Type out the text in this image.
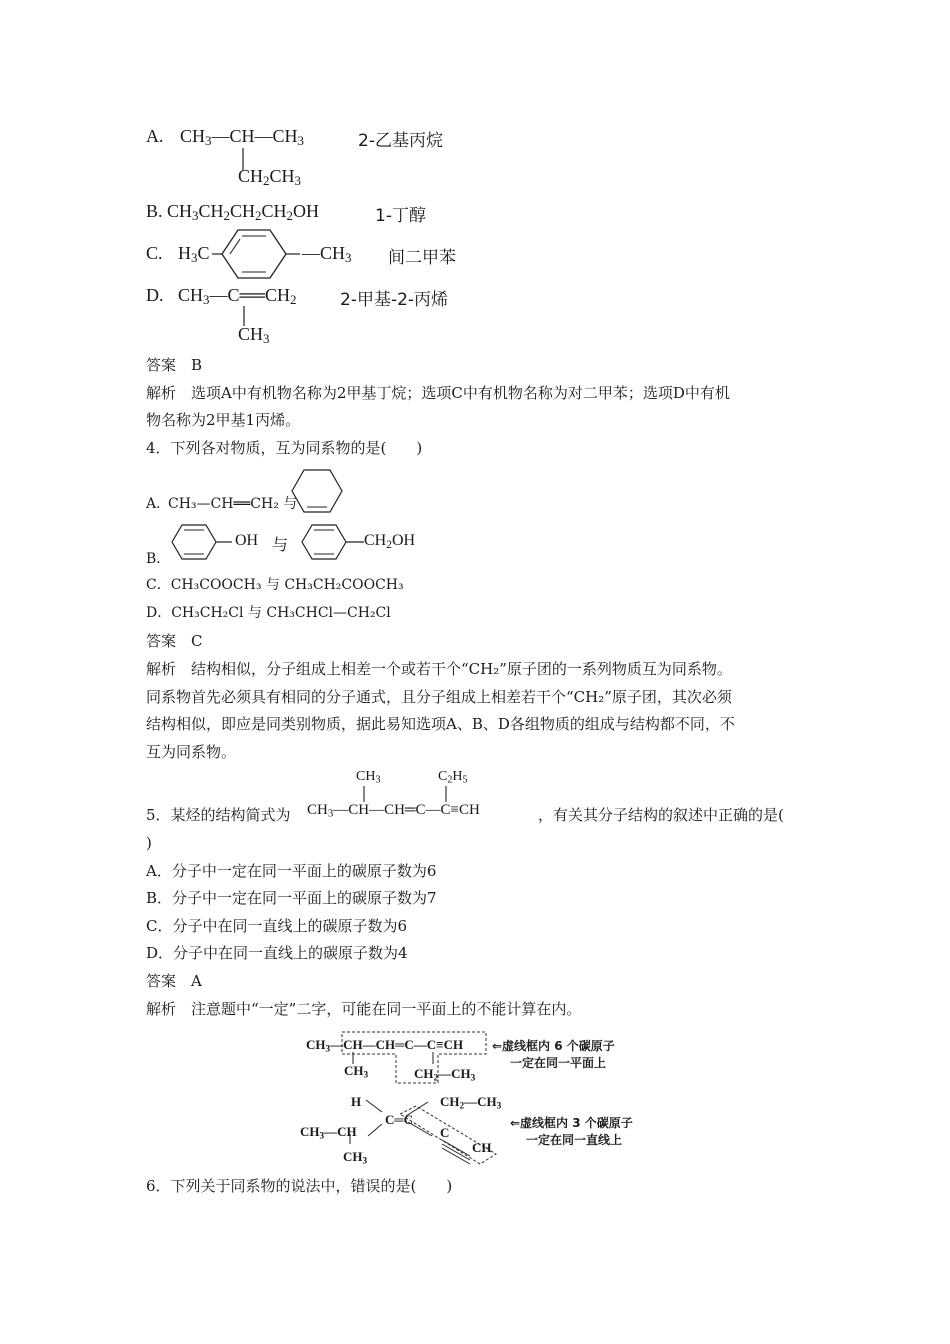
A. $CH_3—CH—CH_3$
$CH_2CH_3$
2-乙基丙烷
B. $CH_3CH_2CH_2CH_2OH$	1-丁醇
C. $H_3C$	$—CH_3$ 间二甲苯
D. $CH_3—C══CH_2$
$CH_3$
2-甲基-2-丙烯
答案　B
解析　选项A中有机物名称为2甲基丁烷；选项C中有机物名称为对二甲苯；选项D中有机
物名称为2甲基1丙烯。
4．下列各对物质，互为同系物的是(　　)
A．
CH₃—CH══CH₂ 与
B．
OH 与	$CH_2OH$
C．CH₃COOCH₃ 与 CH₃CH₂COOCH₃
D．CH₃CH₂Cl 与 CH₃CHCl—CH₂Cl
答案　C
解析　结构相似，分子组成上相差一个或若干个“CH₂”原子团的一系列物质互为同系物。
同系物首先必须具有相同的分子通式，且分子组成上相差若干个“CH₂”原子团，其次必须
结构相似，即应是同类别物质，据此易知选项A、B、D各组物质的组成与结构都不同，不
互为同系物。
$CH_3$	$C_2H_5$
5．某烃的结构简式为 $CH_3—CH—CH═C—C\equiv CH$	，有关其分子结构的叙述中正确的是(
)
A．分子中一定在同一平面上的碳原子数为6
B．分子中一定在同一平面上的碳原子数为7
C．分子中在同一直线上的碳原子数为6
D．分子中在同一直线上的碳原子数为4
答案　A
解析　注意题中“一定”二字，可能在同一平面上的不能计算在内。
$CH_3—CH—CH═C—C\equiv CH$
$CH_3$	$CH_2—CH_3$
⇐虚线框内 6 个碳原子
一定在同一平面上
H
C═C
$CH_2—CH_3$
$CH_3—CH$
$CH_3$
C
CH
⇐虚线框内 3 个碳原子
一定在同一直线上
6．下列关于同系物的说法中，错误的是(　　)
